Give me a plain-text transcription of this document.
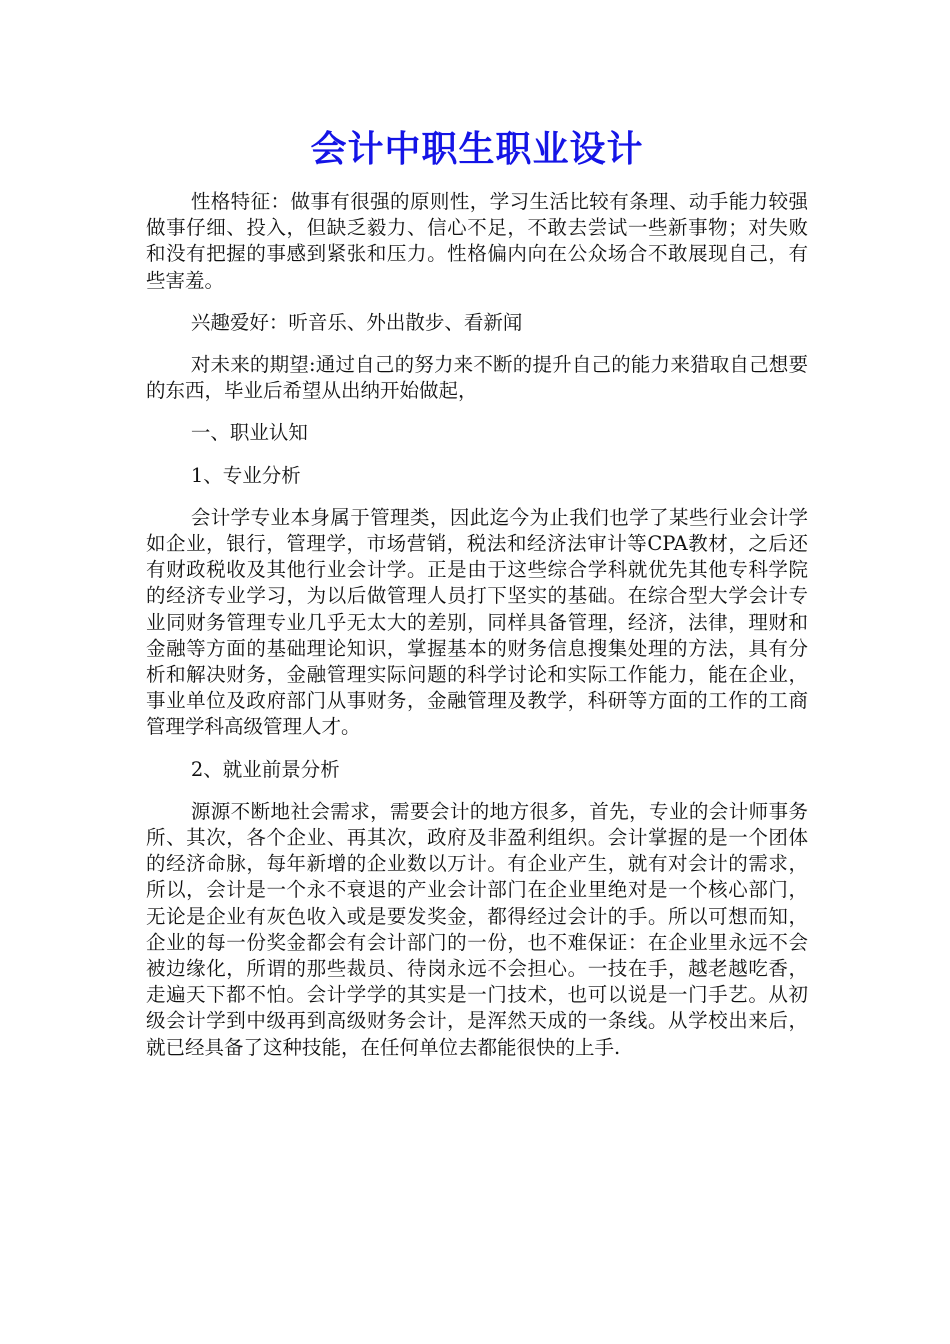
会计中职生职业设计

性格特征：做事有很强的原则性，学习生活比较有条理、动手能力较强做事仔细、投入，但缺乏毅力、信心不足，不敢去尝试一些新事物；对失败和没有把握的事感到紧张和压力。性格偏内向在公众场合不敢展现自己，有些害羞。

兴趣爱好：听音乐、外出散步、看新闻

对未来的期望:通过自己的努力来不断的提升自己的能力来猎取自己想要的东西，毕业后希望从出纳开始做起，

一、职业认知

1、专业分析

会计学专业本身属于管理类，因此迄今为止我们也学了某些行业会计学如企业，银行，管理学，市场营销，税法和经济法审计等CPA教材，之后还有财政税收及其他行业会计学。正是由于这些综合学科就优先其他专科学院的经济专业学习，为以后做管理人员打下坚实的基础。在综合型大学会计专业同财务管理专业几乎无太大的差别，同样具备管理，经济，法律，理财和金融等方面的基础理论知识，掌握基本的财务信息搜集处理的方法，具有分析和解决财务，金融管理实际问题的科学讨论和实际工作能力，能在企业，事业单位及政府部门从事财务，金融管理及教学，科研等方面的工作的工商管理学科高级管理人才。

2、就业前景分析

源源不断地社会需求，需要会计的地方很多，首先，专业的会计师事务所、其次，各个企业、再其次，政府及非盈利组织。会计掌握的是一个团体的经济命脉，每年新增的企业数以万计。有企业产生，就有对会计的需求，所以，会计是一个永不衰退的产业会计部门在企业里绝对是一个核心部门，无论是企业有灰色收入或是要发奖金，都得经过会计的手。所以可想而知，企业的每一份奖金都会有会计部门的一份，也不难保证：在企业里永远不会被边缘化，所谓的那些裁员、待岗永远不会担心。一技在手，越老越吃香，走遍天下都不怕。会计学学的其实是一门技术，也可以说是一门手艺。从初级会计学到中级再到高级财务会计，是浑然天成的一条线。从学校出来后，就已经具备了这种技能，在任何单位去都能很快的上手.
